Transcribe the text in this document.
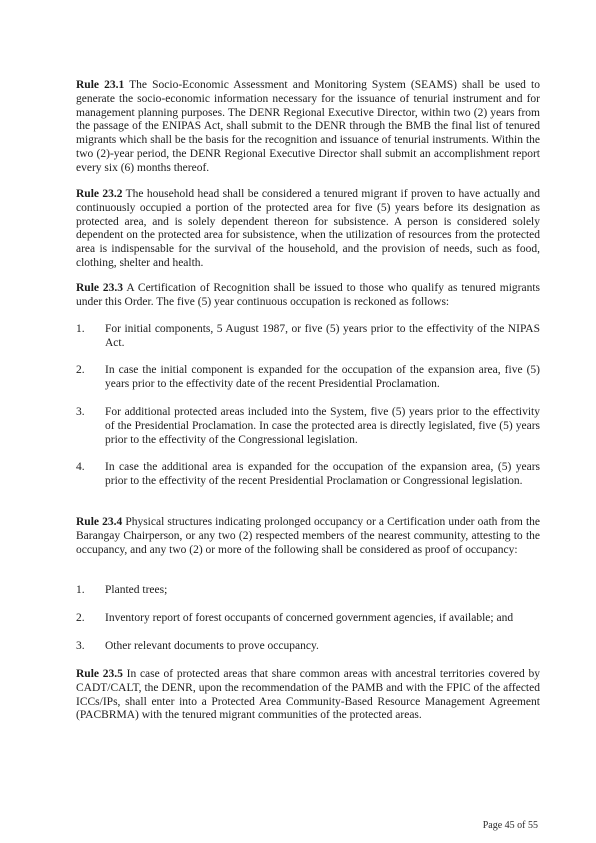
Rule 23.1 The Socio-Economic Assessment and Monitoring System (SEAMS) shall be used to generate the socio-economic information necessary for the issuance of tenurial instrument and for management planning purposes. The DENR Regional Executive Director, within two (2) years from the passage of the ENIPAS Act, shall submit to the DENR through the BMB the final list of tenured migrants which shall be the basis for the recognition and issuance of tenurial instruments. Within the two (2)-year period, the DENR Regional Executive Director shall submit an accomplishment report every six (6) months thereof.

Rule 23.2 The household head shall be considered a tenured migrant if proven to have actually and continuously occupied a portion of the protected area for five (5) years before its designation as protected area, and is solely dependent thereon for subsistence. A person is considered solely dependent on the protected area for subsistence, when the utilization of resources from the protected area is indispensable for the survival of the household, and the provision of needs, such as food, clothing, shelter and health.

Rule 23.3 A Certification of Recognition shall be issued to those who qualify as tenured migrants under this Order. The five (5) year continuous occupation is reckoned as follows:

1. For initial components, 5 August 1987, or five (5) years prior to the effectivity of the NIPAS Act.
2. In case the initial component is expanded for the occupation of the expansion area, five (5) years prior to the effectivity date of the recent Presidential Proclamation.
3. For additional protected areas included into the System, five (5) years prior to the effectivity of the Presidential Proclamation. In case the protected area is directly legislated, five (5) years prior to the effectivity of the Congressional legislation.
4. In case the additional area is expanded for the occupation of the expansion area, (5) years prior to the effectivity of the recent Presidential Proclamation or Congressional legislation.

Rule 23.4 Physical structures indicating prolonged occupancy or a Certification under oath from the Barangay Chairperson, or any two (2) respected members of the nearest community, attesting to the occupancy, and any two (2) or more of the following shall be considered as proof of occupancy:

1. Planted trees;
2. Inventory report of forest occupants of concerned government agencies, if available; and
3. Other relevant documents to prove occupancy.

Rule 23.5 In case of protected areas that share common areas with ancestral territories covered by CADT/CALT, the DENR, upon the recommendation of the PAMB and with the FPIC of the affected ICCs/IPs, shall enter into a Protected Area Community-Based Resource Management Agreement (PACBRMA) with the tenured migrant communities of the protected areas.

Page 45 of 55
